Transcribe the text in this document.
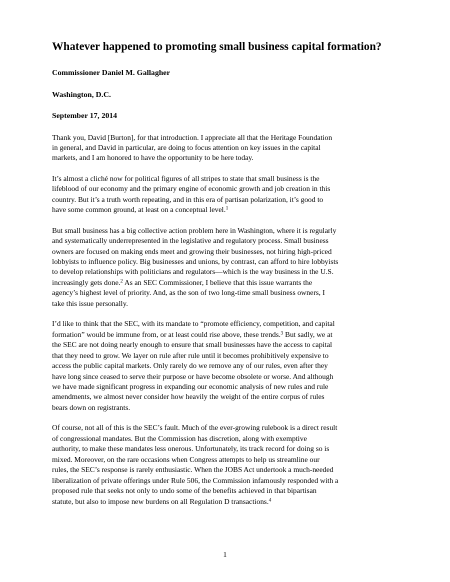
Whatever happened to promoting small business capital formation?
Commissioner Daniel M. Gallagher
Washington, D.C.
September 17, 2014
Thank you, David [Burton], for that introduction. I appreciate all that the Heritage Foundation
in general, and David in particular, are doing to focus attention on key issues in the capital
markets, and I am honored to have the opportunity to be here today.
It’s almost a cliché now for political figures of all stripes to state that small business is the
lifeblood of our economy and the primary engine of economic growth and job creation in this
country. But it’s a truth worth repeating, and in this era of partisan polarization, it’s good to
have some common ground, at least on a conceptual level.$^1$
But small business has a big collective action problem here in Washington, where it is regularly
and systematically underrepresented in the legislative and regulatory process. Small business
owners are focused on making ends meet and growing their businesses, not hiring high-priced
lobbyists to influence policy. Big businesses and unions, by contrast, can afford to hire lobbyists
to develop relationships with politicians and regulators—which is the way business in the U.S.
increasingly gets done.$^2$ As an SEC Commissioner, I believe that this issue warrants the
agency’s highest level of priority. And, as the son of two long-time small business owners, I
take this issue personally.
I’d like to think that the SEC, with its mandate to “promote efficiency, competition, and capital
formation” would be immune from, or at least could rise above, these trends.$^3$ But sadly, we at
the SEC are not doing nearly enough to ensure that small businesses have the access to capital
that they need to grow. We layer on rule after rule until it becomes prohibitively expensive to
access the public capital markets. Only rarely do we remove any of our rules, even after they
have long since ceased to serve their purpose or have become obsolete or worse. And although
we have made significant progress in expanding our economic analysis of new rules and rule
amendments, we almost never consider how heavily the weight of the entire corpus of rules
bears down on registrants.
Of course, not all of this is the SEC’s fault. Much of the ever-growing rulebook is a direct result
of congressional mandates. But the Commission has discretion, along with exemptive
authority, to make these mandates less onerous. Unfortunately, its track record for doing so is
mixed. Moreover, on the rare occasions when Congress attempts to help us streamline our
rules, the SEC’s response is rarely enthusiastic. When the JOBS Act undertook a much-needed
liberalization of private offerings under Rule 506, the Commission infamously responded with a
proposed rule that seeks not only to undo some of the benefits achieved in that bipartisan
statute, but also to impose new burdens on all Regulation D transactions.$^4$
1
